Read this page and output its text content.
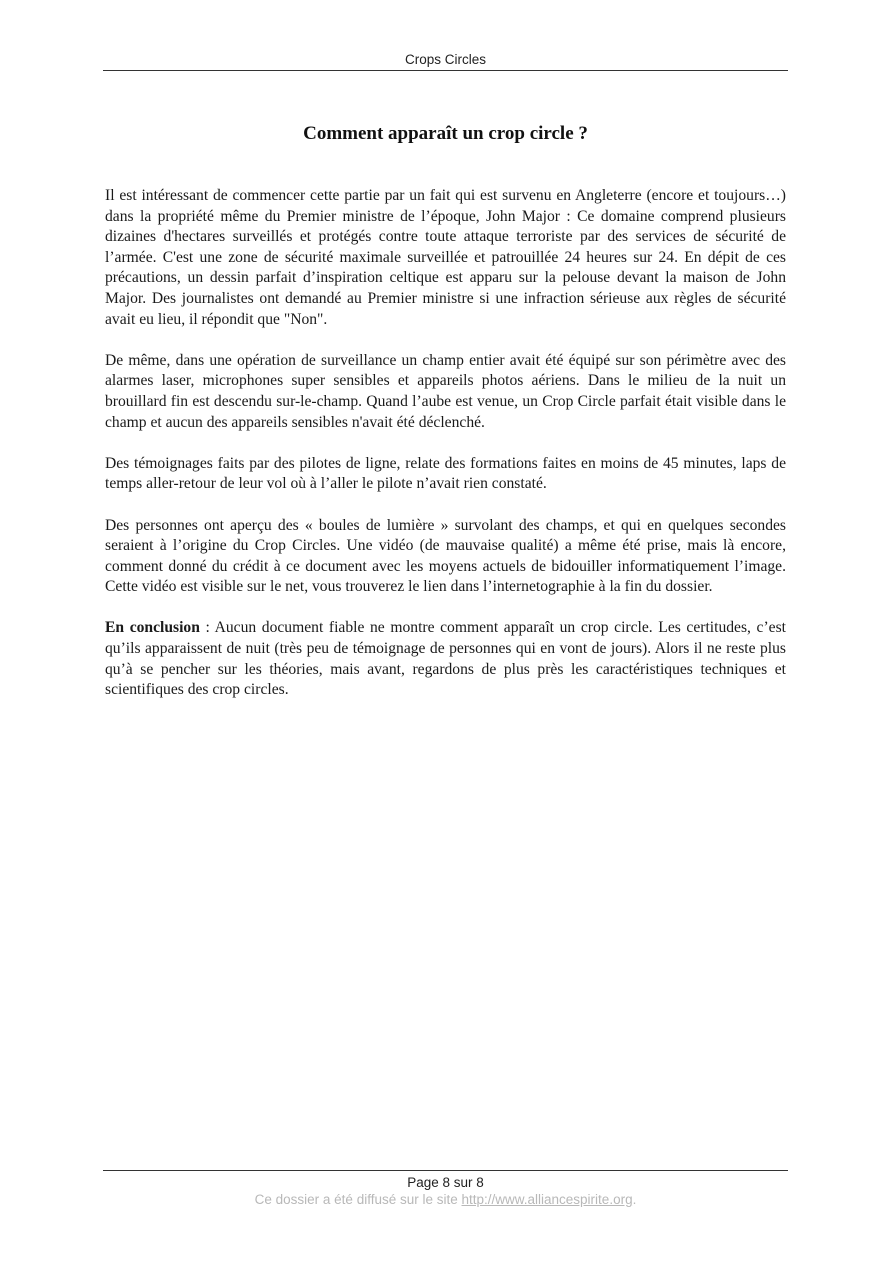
Crops Circles
Comment apparaît un crop circle ?

Il est intéressant de commencer cette partie par un fait qui est survenu en Angleterre (encore et toujours…) dans la propriété même du Premier ministre de l’époque, John Major : Ce domaine comprend plusieurs dizaines d'hectares surveillés et protégés contre toute attaque terroriste par des services de sécurité de l’armée. C'est une zone de sécurité maximale surveillée et patrouillée 24 heures sur 24. En dépit de ces précautions, un dessin parfait d’inspiration celtique est apparu sur la pelouse devant la maison de John Major. Des journalistes ont demandé au Premier ministre si une infraction sérieuse aux règles de sécurité avait eu lieu, il répondit que "Non".

De même, dans une opération de surveillance un champ entier avait été équipé sur son périmètre avec des alarmes laser, microphones super sensibles et appareils photos aériens. Dans le milieu de la nuit un brouillard fin est descendu sur-le-champ. Quand l’aube est venue, un Crop Circle parfait était visible dans le champ et aucun des appareils sensibles n'avait été déclenché.

Des témoignages faits par des pilotes de ligne, relate des formations faites en moins de 45 minutes, laps de temps aller-retour de leur vol où à l’aller le pilote n’avait rien constaté.

Des personnes ont aperçu des « boules de lumière » survolant des champs, et qui en quelques secondes seraient à l’origine du Crop Circles. Une vidéo (de mauvaise qualité) a même été prise, mais là encore, comment donné du crédit à ce document avec les moyens actuels de bidouiller informatiquement l’image. Cette vidéo est visible sur le net, vous trouverez le lien dans l’internetographie à la fin du dossier.

En conclusion : Aucun document fiable ne montre comment apparaît un crop circle. Les certitudes, c’est qu’ils apparaissent de nuit (très peu de témoignage de personnes qui en vont de jours). Alors il ne reste plus qu’à se pencher sur les théories, mais avant, regardons de plus près les caractéristiques techniques et scientifiques des crop circles.

Page 8 sur 8
Ce dossier a été diffusé sur le site http://www.alliancespirite.org.
